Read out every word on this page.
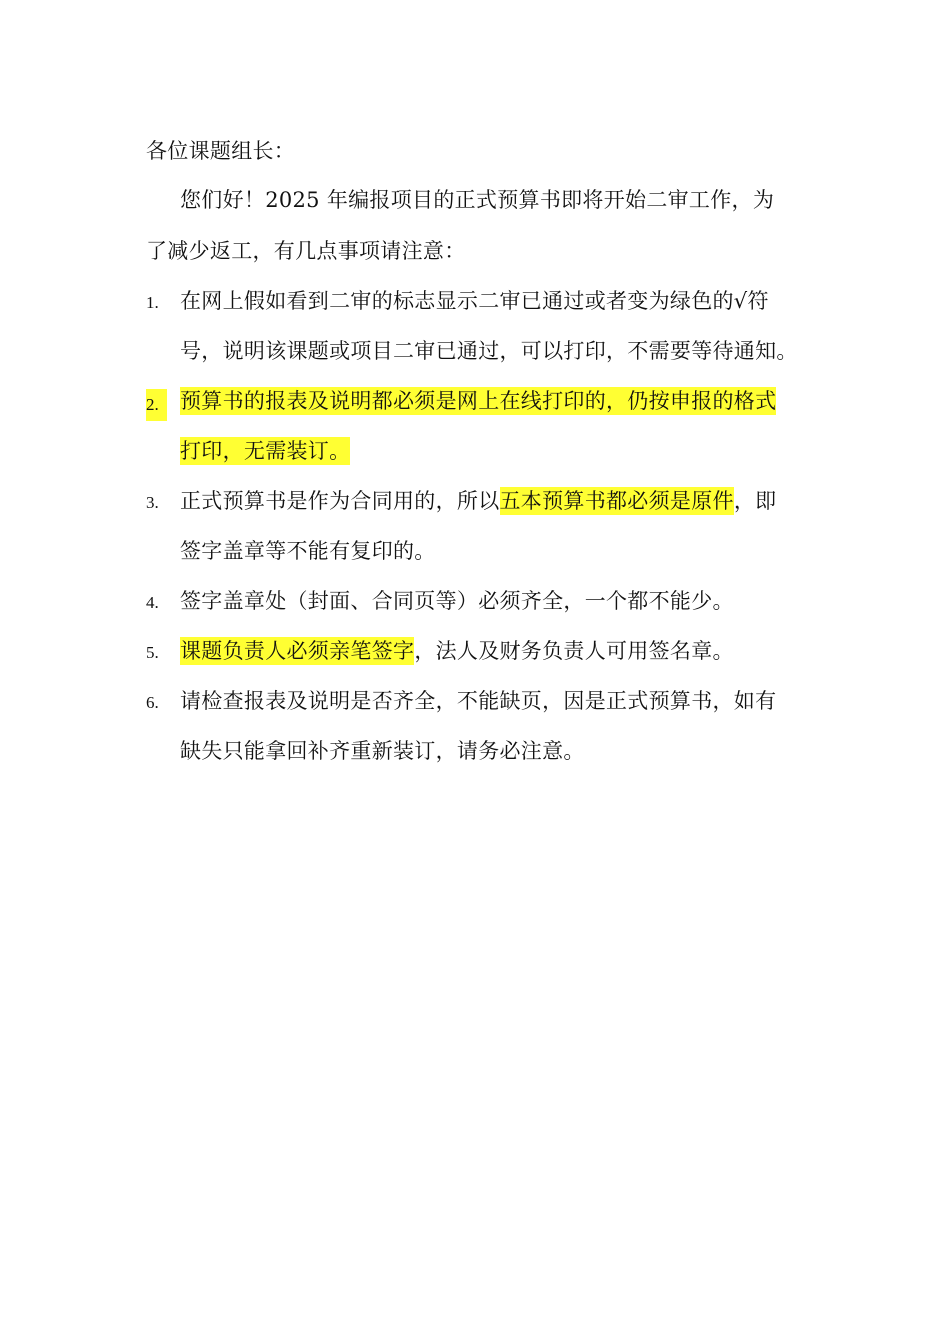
各位课题组长：
您们好！2025 年编报项目的正式预算书即将开始二审工作，为
了减少返工，有几点事项请注意：
1. 在网上假如看到二审的标志显示二审已通过或者变为绿色的√符
号，说明该课题或项目二审已通过，可以打印，不需要等待通知。
2.	预算书的报表及说明都必须是网上在线打印的，仍按申报的格式
打印，无需装订。
3. 正式预算书是作为合同用的，所以五本预算书都必须是原件，即
签字盖章等不能有复印的。
4. 签字盖章处（封面、合同页等）必须齐全，一个都不能少。
5. 课题负责人必须亲笔签字，法人及财务负责人可用签名章。
6. 请检查报表及说明是否齐全，不能缺页，因是正式预算书，如有
缺失只能拿回补齐重新装订，请务必注意。
